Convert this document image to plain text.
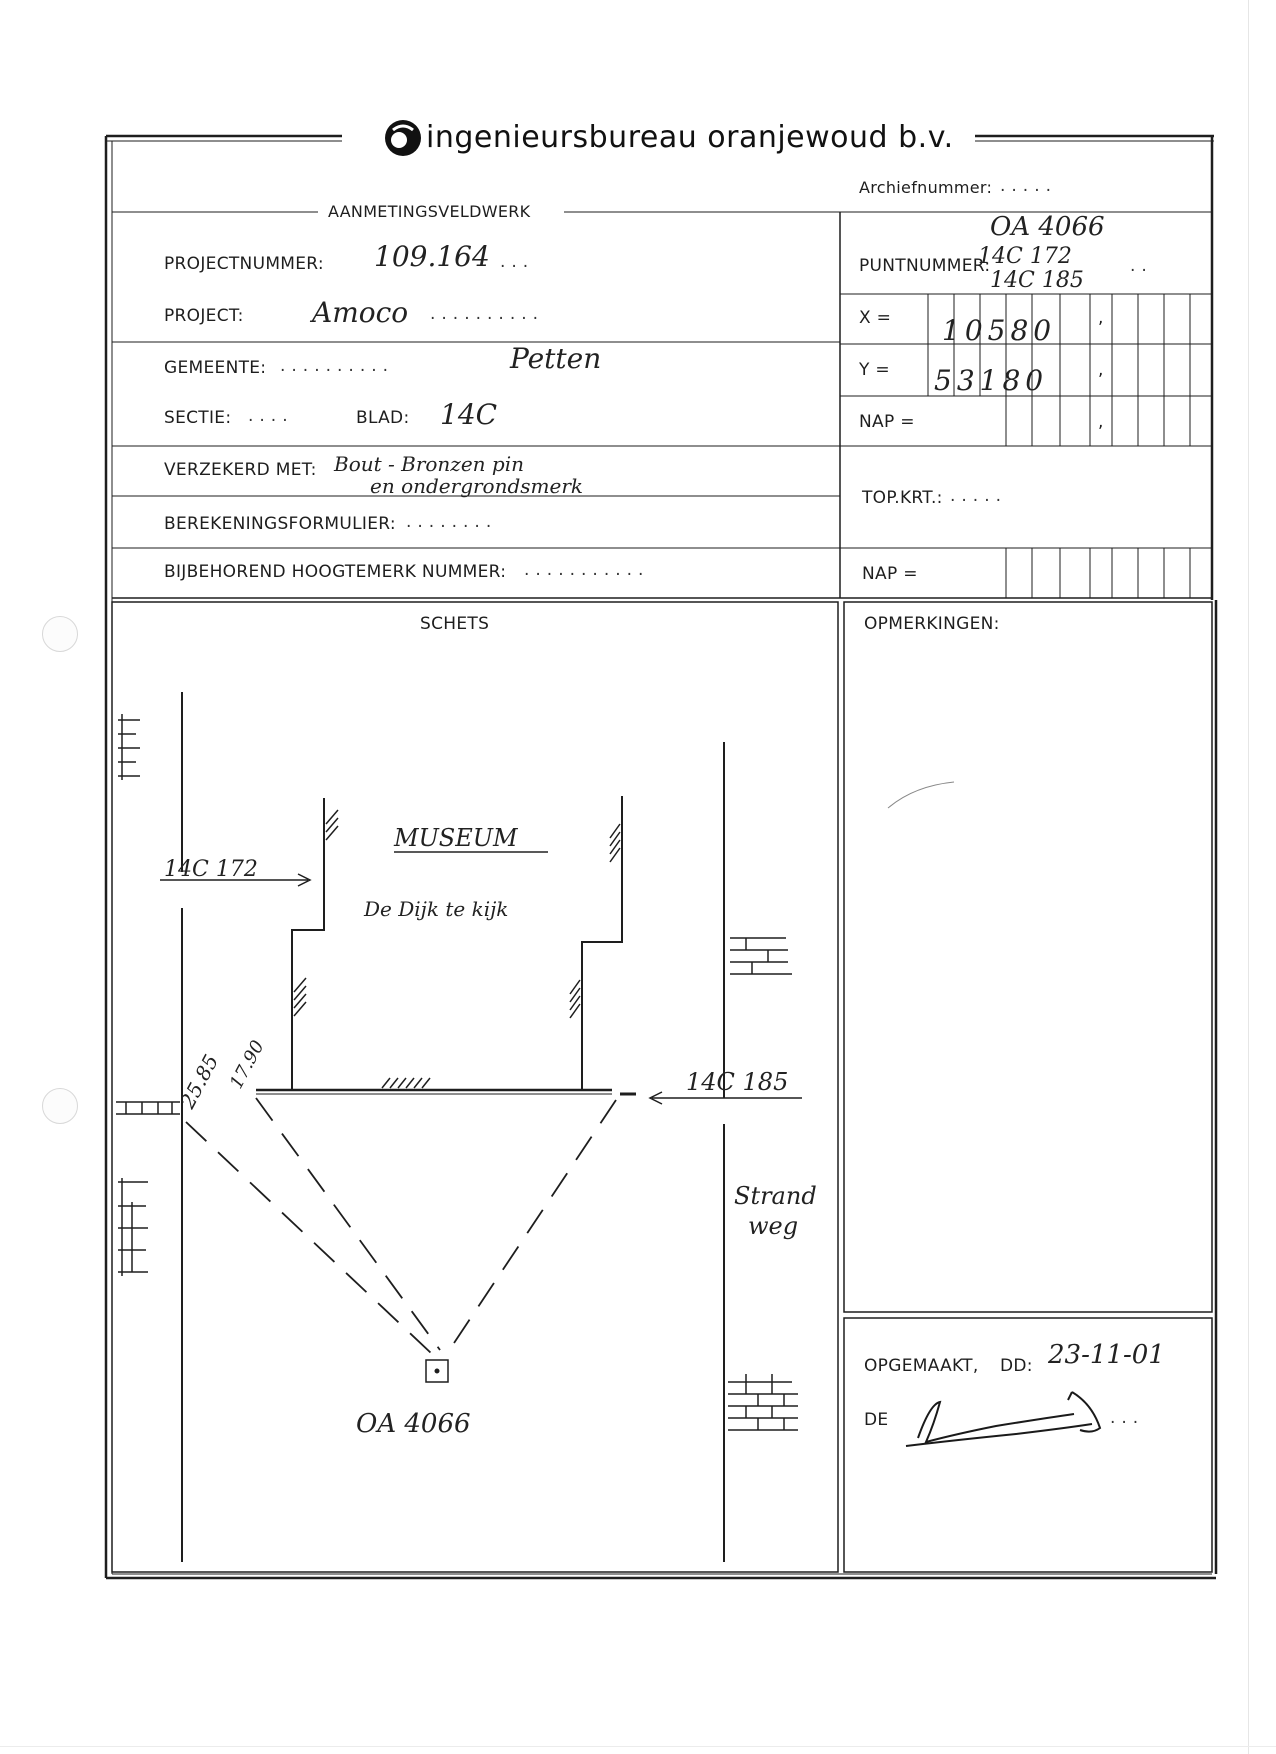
ingenieursbureau oranjewoud b.v.
Archiefnummer: .....
AANMETINGSVELDWERK
PROJECTNUMMER: 109.164 ...
PROJECT: Amoco ..........
GEMEENTE: ..........	Petten
SECTIE: ....	BLAD: 14C
VERZEKERD MET: Bout - Bronzen pin
en ondergrondsmerk
BEREKENINGSFORMULIER: ........
BIJBEHOREND HOOGTEMERK NUMMER: ...........
OA 4066
PUNTNUMMER:
14C 172
14C 185
..
X = 10580 ,
Y = 53180	,
NAP =	,
TOP.KRT.: .....
NAP =
SCHETS
MUSEUM
De Dijk te kijk
14C 172
14C 185
25.85 17.90
OA 4066
Strand
weg
OPMERKINGEN:
OPGEMAAKT, DD: 23-11-01
DE	...
